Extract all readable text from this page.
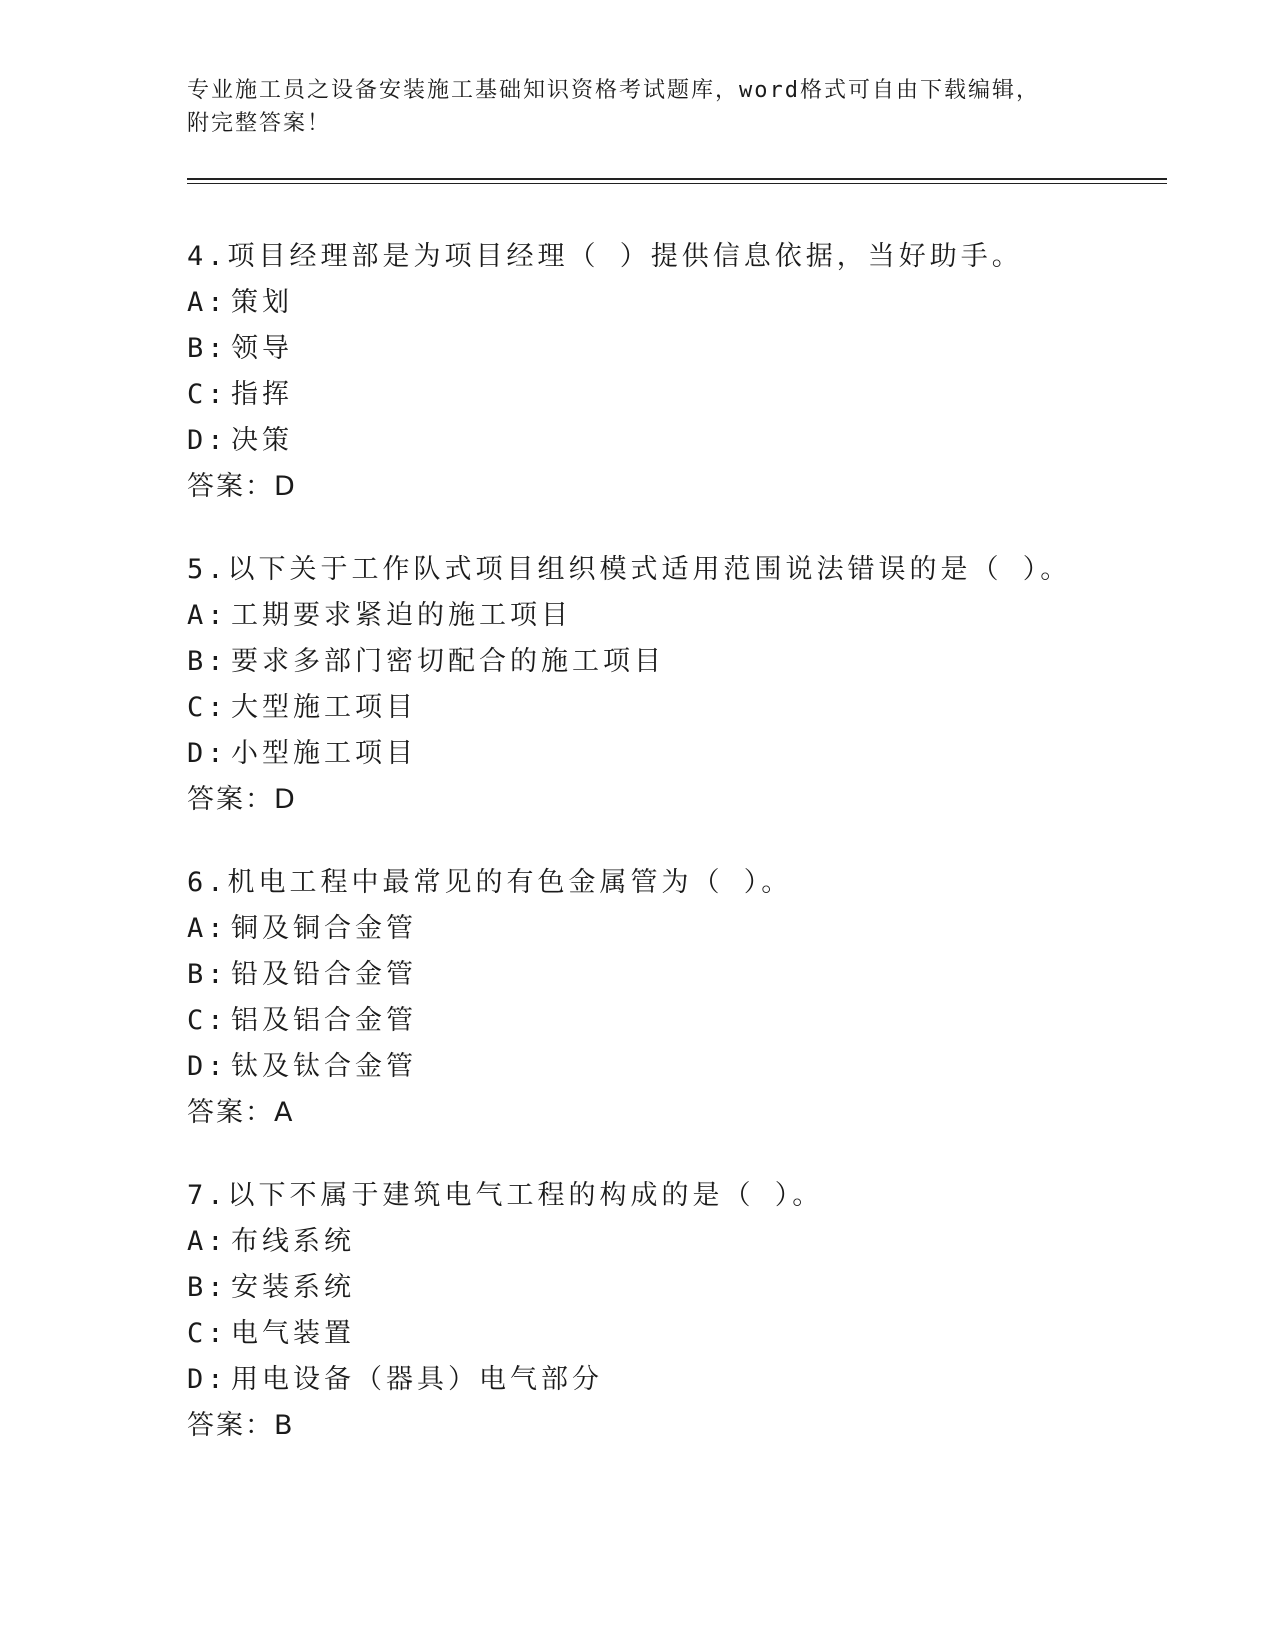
专业施工员之设备安装施工基础知识资格考试题库，word格式可自由下载编辑，
附完整答案！
4.项目经理部是为项目经理（ ）提供信息依据，当好助手。
A: 策划
B: 领导
C: 指挥
D: 决策
答案：D
5.以下关于工作队式项目组织模式适用范围说法错误的是（ ）。
A: 工期要求紧迫的施工项目
B: 要求多部门密切配合的施工项目
C: 大型施工项目
D: 小型施工项目
答案：D
6.机电工程中最常见的有色金属管为（ ）。
A: 铜及铜合金管
B: 铅及铅合金管
C: 铝及铝合金管
D: 钛及钛合金管
答案：A
7.以下不属于建筑电气工程的构成的是（ ）。
A: 布线系统
B: 安装系统
C: 电气装置
D: 用电设备（器具）电气部分
答案：B
